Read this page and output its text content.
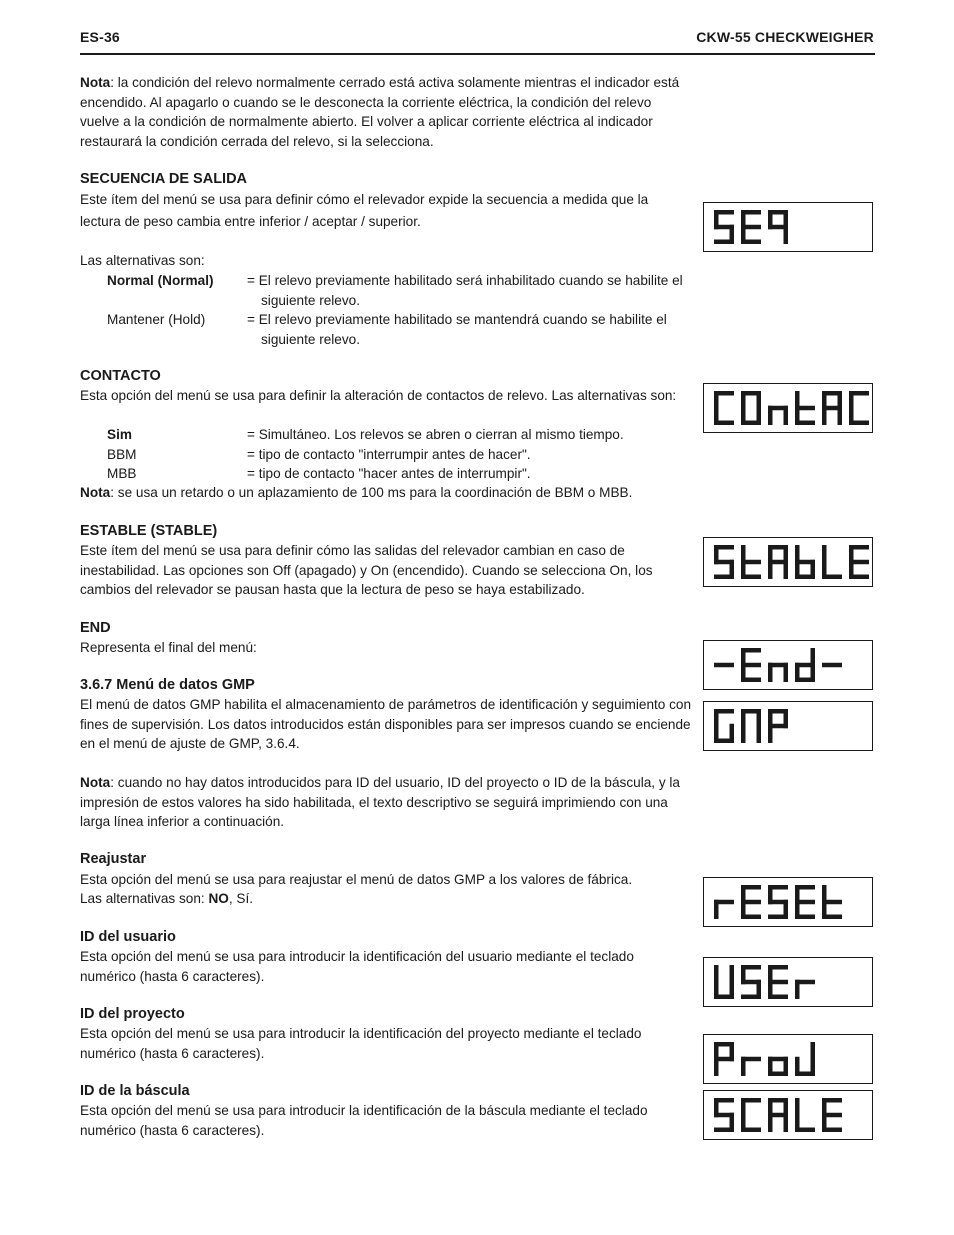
ES-36	CKW-55 CHECKWEIGHER
Nota: la condición del relevo normalmente cerrado está activa solamente mientras el indicador está encendido. Al apagarlo o cuando se le desconecta la corriente eléctrica, la condición del relevo vuelve a la condición de normalmente abierto. El volver a aplicar corriente eléctrica al indicador restaurará la condición cerrada del relevo, si la selecciona.
SECUENCIA DE SALIDA
Este ítem del menú se usa para definir cómo el relevador expide la secuencia a medida que la lectura de peso cambia entre inferior / aceptar / superior.
Las alternativas son:
Normal (Normal) = El relevo previamente habilitado será inhabilitado cuando se habilite el siguiente relevo.
Mantener (Hold)	= El relevo previamente habilitado se mantendrá cuando se habilite el siguiente relevo.
CONTACTO
Esta opción del menú se usa para definir la alteración de contactos de relevo. Las alternativas son:
Sim	= Simultáneo. Los relevos se abren o cierran al mismo tiempo.
BBM	= tipo de contacto "interrumpir antes de hacer".
MBB	= tipo de contacto "hacer antes de interrumpir".
Nota: se usa un retardo o un aplazamiento de 100 ms para la coordinación de BBM o MBB.
ESTABLE (STABLE)
Este ítem del menú se usa para definir cómo las salidas del relevador cambian en caso de inestabilidad. Las opciones son Off (apagado) y On (encendido). Cuando se selecciona On, los cambios del relevador se pausan hasta que la lectura de peso se haya estabilizado.
END
Representa el final del menú:
3.6.7 Menú de datos GMP
El menú de datos GMP habilita el almacenamiento de parámetros de identificación y seguimiento con fines de supervisión. Los datos introducidos están disponibles para ser impresos cuando se enciende en el menú de ajuste de GMP, 3.6.4.
Nota: cuando no hay datos introducidos para ID del usuario, ID del proyecto o ID de la báscula, y la impresión de estos valores ha sido habilitada, el texto descriptivo se seguirá imprimiendo con una larga línea inferior a continuación.
Reajustar
Esta opción del menú se usa para reajustar el menú de datos GMP a los valores de fábrica.
Las alternativas son: NO, Sí.
ID del usuario
Esta opción del menú se usa para introducir la identificación del usuario mediante el teclado numérico (hasta 6 caracteres).
ID del proyecto
Esta opción del menú se usa para introducir la identificación del proyecto mediante el teclado numérico (hasta 6 caracteres).
ID de la báscula
Esta opción del menú se usa para introducir la identificación de la báscula mediante el teclado numérico (hasta 6 caracteres).
